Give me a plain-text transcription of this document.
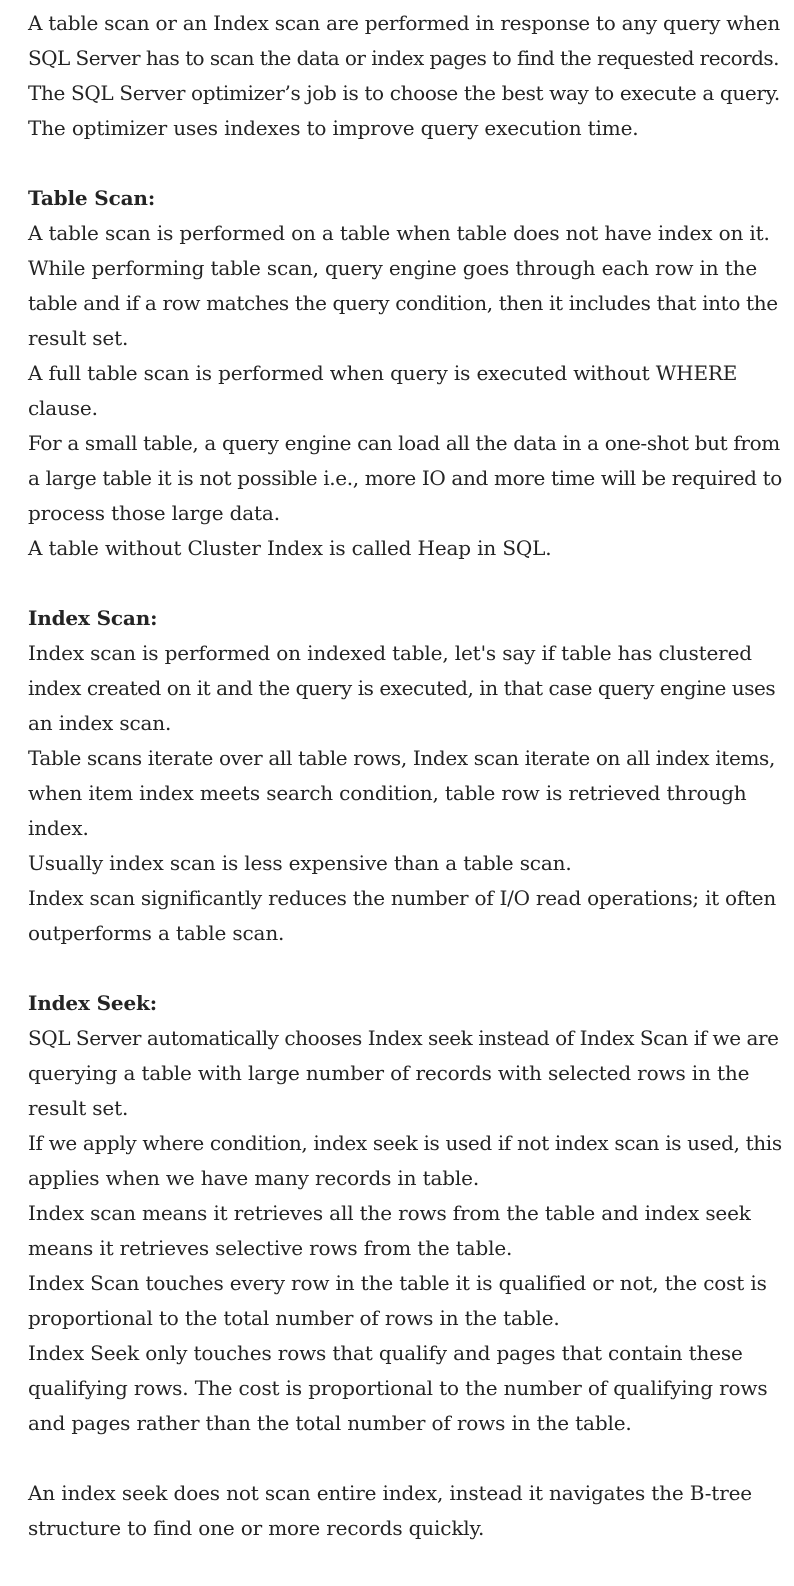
A table scan or an Index scan are performed in response to any query when
SQL Server has to scan the data or index pages to find the requested records.
The SQL Server optimizer’s job is to choose the best way to execute a query.
The optimizer uses indexes to improve query execution time.
Table Scan:
A table scan is performed on a table when table does not have index on it.
While performing table scan, query engine goes through each row in the
table and if a row matches the query condition, then it includes that into the
result set.
A full table scan is performed when query is executed without WHERE
clause.
For a small table, a query engine can load all the data in a one-shot but from
a large table it is not possible i.e., more IO and more time will be required to
process those large data.
A table without Cluster Index is called Heap in SQL.
Index Scan:
Index scan is performed on indexed table, let's say if table has clustered
index created on it and the query is executed, in that case query engine uses
an index scan.
Table scans iterate over all table rows, Index scan iterate on all index items,
when item index meets search condition, table row is retrieved through
index.
Usually index scan is less expensive than a table scan.
Index scan significantly reduces the number of I/O read operations; it often
outperforms a table scan.
Index Seek:
SQL Server automatically chooses Index seek instead of Index Scan if we are
querying a table with large number of records with selected rows in the
result set.
If we apply where condition, index seek is used if not index scan is used, this
applies when we have many records in table.
Index scan means it retrieves all the rows from the table and index seek
means it retrieves selective rows from the table.
Index Scan touches every row in the table it is qualified or not, the cost is
proportional to the total number of rows in the table.
Index Seek only touches rows that qualify and pages that contain these
qualifying rows. The cost is proportional to the number of qualifying rows
and pages rather than the total number of rows in the table.
An index seek does not scan entire index, instead it navigates the B-tree
structure to find one or more records quickly.
